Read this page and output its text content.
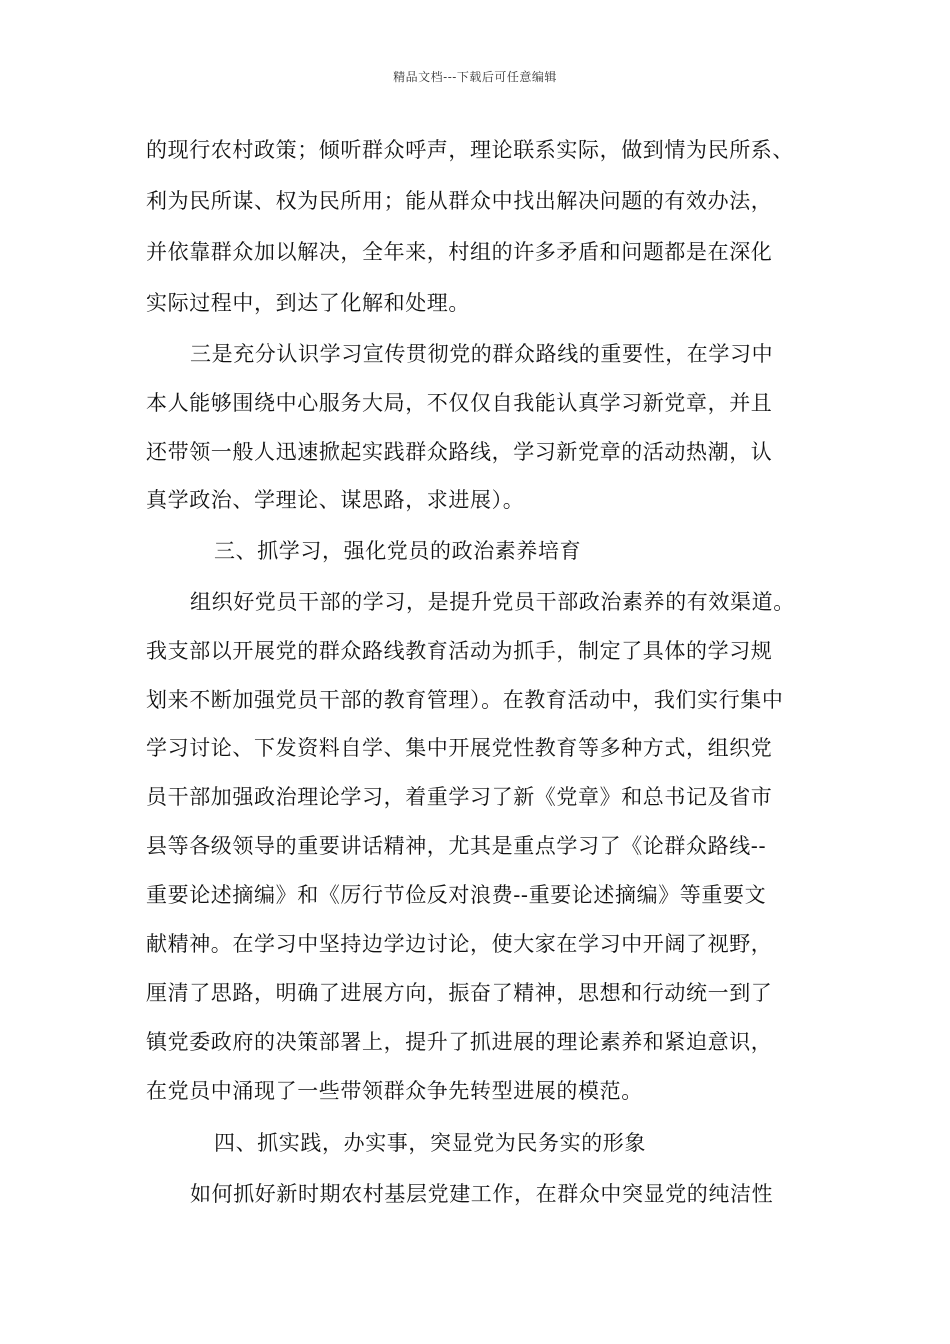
精品文档---下载后可任意编辑
的现行农村政策；倾听群众呼声，理论联系实际，做到情为民所系、
利为民所谋、权为民所用；能从群众中找出解决问题的有效办法，
并依靠群众加以解决，全年来，村组的许多矛盾和问题都是在深化
实际过程中，到达了化解和处理。
三是充分认识学习宣传贯彻党的群众路线的重要性，在学习中
本人能够围绕中心服务大局，不仅仅自我能认真学习新党章，并且
还带领一般人迅速掀起实践群众路线，学习新党章的活动热潮，认
真学政治、学理论、谋思路，求进展）。
三、抓学习，强化党员的政治素养培育
组织好党员干部的学习，是提升党员干部政治素养的有效渠道。
我支部以开展党的群众路线教育活动为抓手，制定了具体的学习规
划来不断加强党员干部的教育管理）。在教育活动中，我们实行集中
学习讨论、下发资料自学、集中开展党性教育等多种方式，组织党
员干部加强政治理论学习，着重学习了新《党章》和总书记及省市
县等各级领导的重要讲话精神，尤其是重点学习了《论群众路线--
重要论述摘编》和《厉行节俭反对浪费--重要论述摘编》等重要文
献精神。在学习中坚持边学边讨论，使大家在学习中开阔了视野，
厘清了思路，明确了进展方向，振奋了精神，思想和行动统一到了
镇党委政府的决策部署上，提升了抓进展的理论素养和紧迫意识，
在党员中涌现了一些带领群众争先转型进展的模范。
四、抓实践，办实事，突显党为民务实的形象
如何抓好新时期农村基层党建工作，在群众中突显党的纯洁性
